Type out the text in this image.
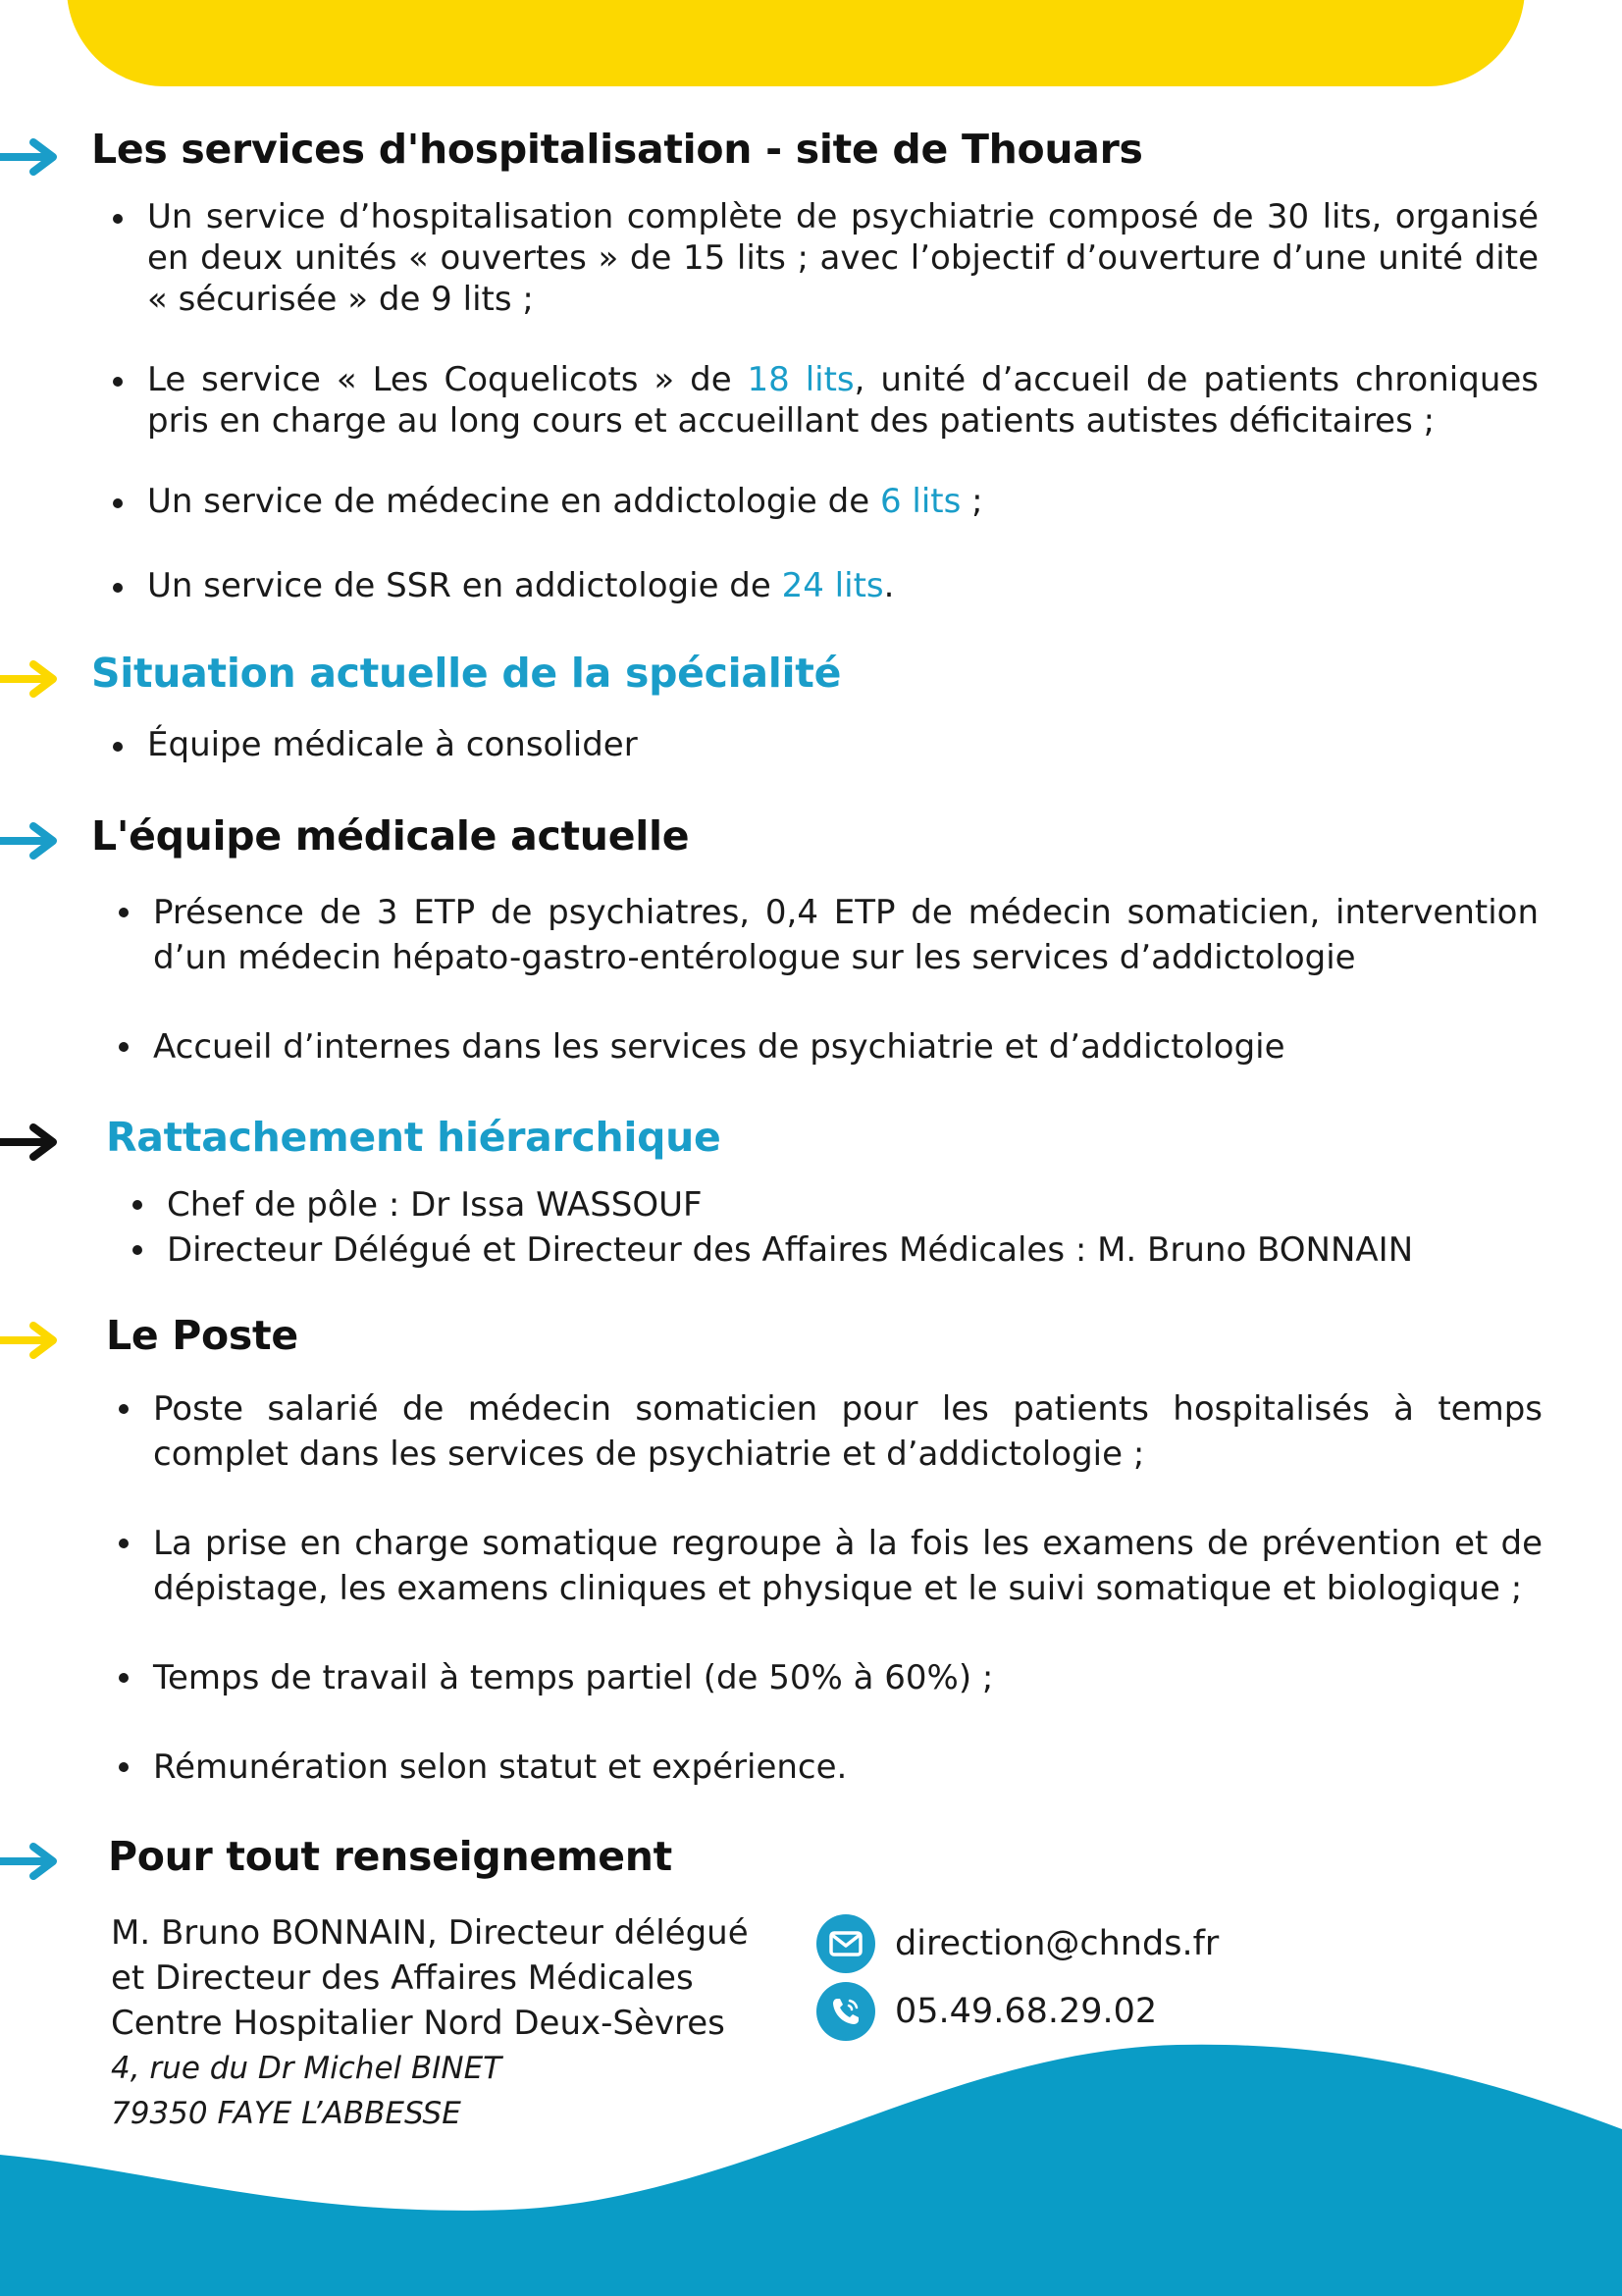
Les services d'hospitalisation - site de Thouars
Un service d’hospitalisation complète de psychiatrie composé de 30 lits, organisé en deux unités « ouvertes » de 15 lits ; avec l’objectif d’ouverture d’une unité dite « sécurisée » de 9 lits ;
Le service « Les Coquelicots » de 18 lits, unité d’accueil de patients chroniques pris en charge au long cours et accueillant des patients autistes déficitaires ;
Un service de médecine en addictologie de 6 lits ;
Un service de SSR en addictologie de 24 lits.
Situation actuelle de la spécialité
Équipe médicale à consolider
L'équipe médicale actuelle
Présence de 3 ETP de psychiatres, 0,4 ETP de médecin somaticien, intervention d’un médecin hépato-gastro-entérologue sur les services d’addictologie
Accueil d’internes dans les services de psychiatrie et d’addictologie
Rattachement hiérarchique
Chef de pôle : Dr Issa WASSOUF
Directeur Délégué et Directeur des Affaires Médicales : M. Bruno BONNAIN
Le Poste
Poste salarié de médecin somaticien pour les patients hospitalisés à temps complet dans les services de psychiatrie et d’addictologie ;
La prise en charge somatique regroupe à la fois les examens de prévention et de dépistage, les examens cliniques et physique et le suivi somatique et biologique ;
Temps de travail à temps partiel (de 50% à 60%) ;
Rémunération selon statut et expérience.
Pour tout renseignement
M. Bruno BONNAIN, Directeur délégué
et Directeur des Affaires Médicales
Centre Hospitalier Nord Deux-Sèvres
4, rue du Dr Michel BINET
79350 FAYE L’ABBESSE
direction@chnds.fr
05.49.68.29.02
